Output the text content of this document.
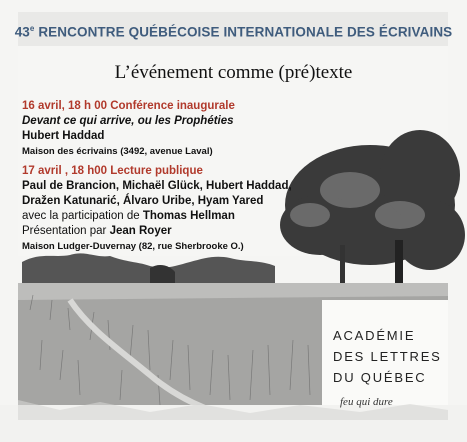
43e RENCONTRE QUÉBÉCOISE INTERNATIONALE DES ÉCRIVAINS
L’événement comme (pré)texte
16 avril, 18 h 00 Conférence inaugurale
Devant ce qui arrive, ou les Prophéties
Hubert Haddad
Maison des écrivains (3492, avenue Laval)
17 avril , 18 h00 Lecture publique
Paul de Brancion, Michaël Glück, Hubert Haddad,
Dražen Katunarić, Álvaro Uribe, Hyam Yared
avec la participation de Thomas Hellman
Présentation par Jean Royer
Maison Ludger-Duvernay (82, rue Sherbrooke O.)
ACADÉMIE
DES LETTRES
DU QUÉBEC
feu qui dure
